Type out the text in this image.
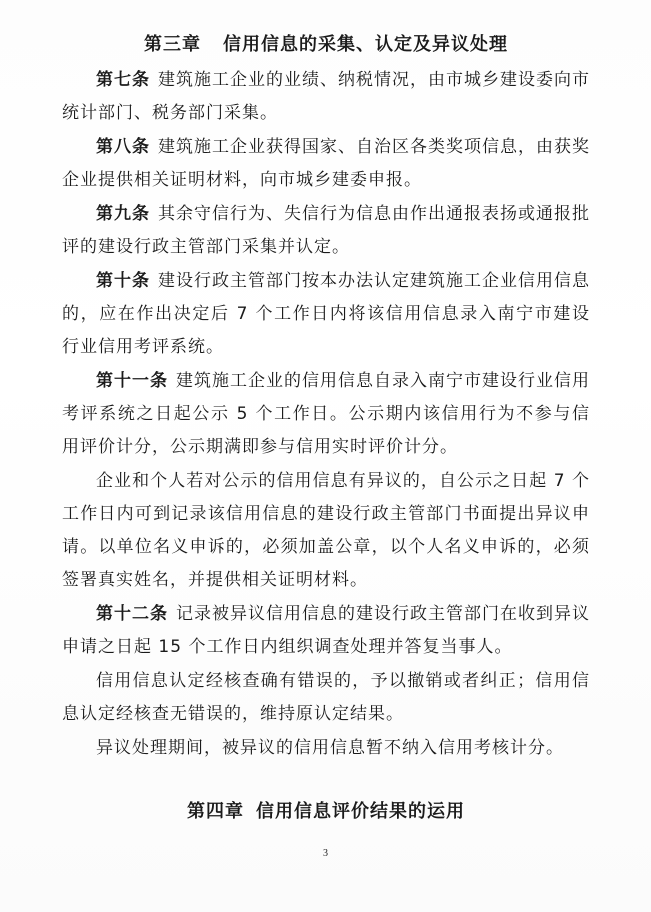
第三章 信用信息的采集、认定及异议处理

第七条 建筑施工企业的业绩、纳税情况，由市城乡建设委向市统计部门、税务部门采集。

第八条 建筑施工企业获得国家、自治区各类奖项信息，由获奖企业提供相关证明材料，向市城乡建委申报。

第九条 其余守信行为、失信行为信息由作出通报表扬或通报批评的建设行政主管部门采集并认定。

第十条 建设行政主管部门按本办法认定建筑施工企业信用信息的，应在作出决定后 7 个工作日内将该信用信息录入南宁市建设行业信用考评系统。

第十一条 建筑施工企业的信用信息自录入南宁市建设行业信用考评系统之日起公示 5 个工作日。公示期内该信用行为不参与信用评价计分，公示期满即参与信用实时评价计分。

企业和个人若对公示的信用信息有异议的，自公示之日起 7 个工作日内可到记录该信用信息的建设行政主管部门书面提出异议申请。以单位名义申诉的，必须加盖公章，以个人名义申诉的，必须签署真实姓名，并提供相关证明材料。

第十二条 记录被异议信用信息的建设行政主管部门在收到异议申请之日起 15 个工作日内组织调查处理并答复当事人。

信用信息认定经核查确有错误的，予以撤销或者纠正；信用信息认定经核查无错误的，维持原认定结果。

异议处理期间，被异议的信用信息暂不纳入信用考核计分。

第四章 信用信息评价结果的运用
3
